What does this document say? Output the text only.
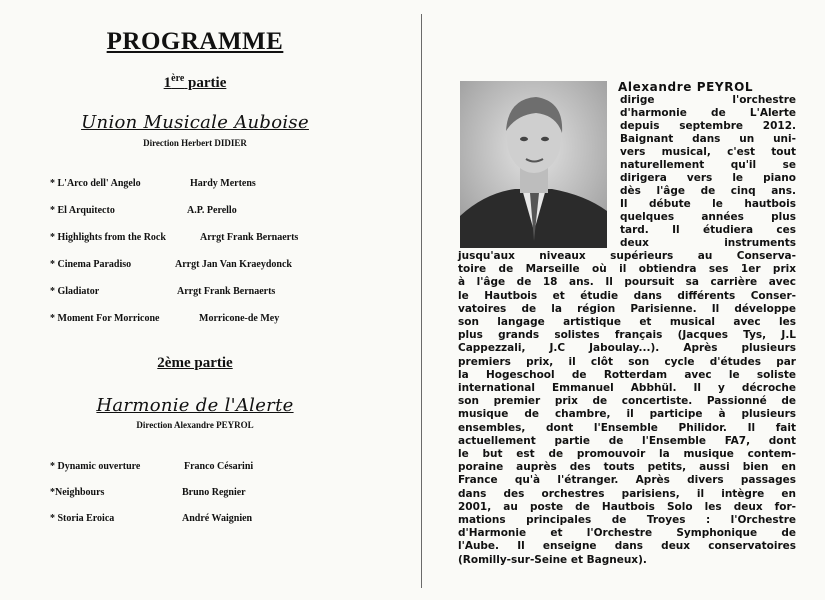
PROGRAMME
1ère partie
Union Musicale Auboise
Direction Herbert DIDIER
* L'Arco dell' Angelo	Hardy Mertens
* El Arquitecto	A.P. Perello
* Highlights from the Rock	Arrgt Frank Bernaerts
* Cinema Paradiso	Arrgt Jan Van Kraeydonck
* Gladiator	Arrgt Frank Bernaerts
* Moment For Morricone	Morricone-de Mey
2ème partie
Harmonie de l'Alerte
Direction Alexandre PEYROL
* Dynamic ouverture	Franco Césarini
*Neighbours	Bruno Regnier
* Storia Eroica	André Waignien
Alexandre PEYROL
dirige l'orchestre
d'harmonie de L'Alerte
depuis septembre 2012.
Baignant dans un uni-
vers musical, c'est tout
naturellement qu'il se
dirigera vers le piano
dès l'âge de cinq ans.
Il débute le hautbois
quelques années plus
tard. Il étudiera ces
deux instruments
jusqu'aux niveaux supérieurs au Conserva-
toire de Marseille où il obtiendra ses 1er prix
à l'âge de 18 ans. Il poursuit sa carrière avec
le Hautbois et étudie dans différents Conser-
vatoires de la région Parisienne. Il développe
son langage artistique et musical avec les
plus grands solistes français (Jacques Tys, J.L
Cappezzali, J.C Jaboulay...). Après plusieurs
premiers prix, il clôt son cycle d'études par
la Hogeschool de Rotterdam avec le soliste
international Emmanuel Abbhül. Il y décroche
son premier prix de concertiste. Passionné de
musique de chambre, il participe à plusieurs
ensembles, dont l'Ensemble Philidor. Il fait
actuellement partie de l'Ensemble FA7, dont
le but est de promouvoir la musique contem-
poraine auprès des touts petits, aussi bien en
France qu'à l'étranger. Après divers passages
dans des orchestres parisiens, il intègre en
2001, au poste de Hautbois Solo les deux for-
mations principales de Troyes : l'Orchestre
d'Harmonie et l'Orchestre Symphonique de
l'Aube. Il enseigne dans deux conservatoires
(Romilly-sur-Seine et Bagneux).
